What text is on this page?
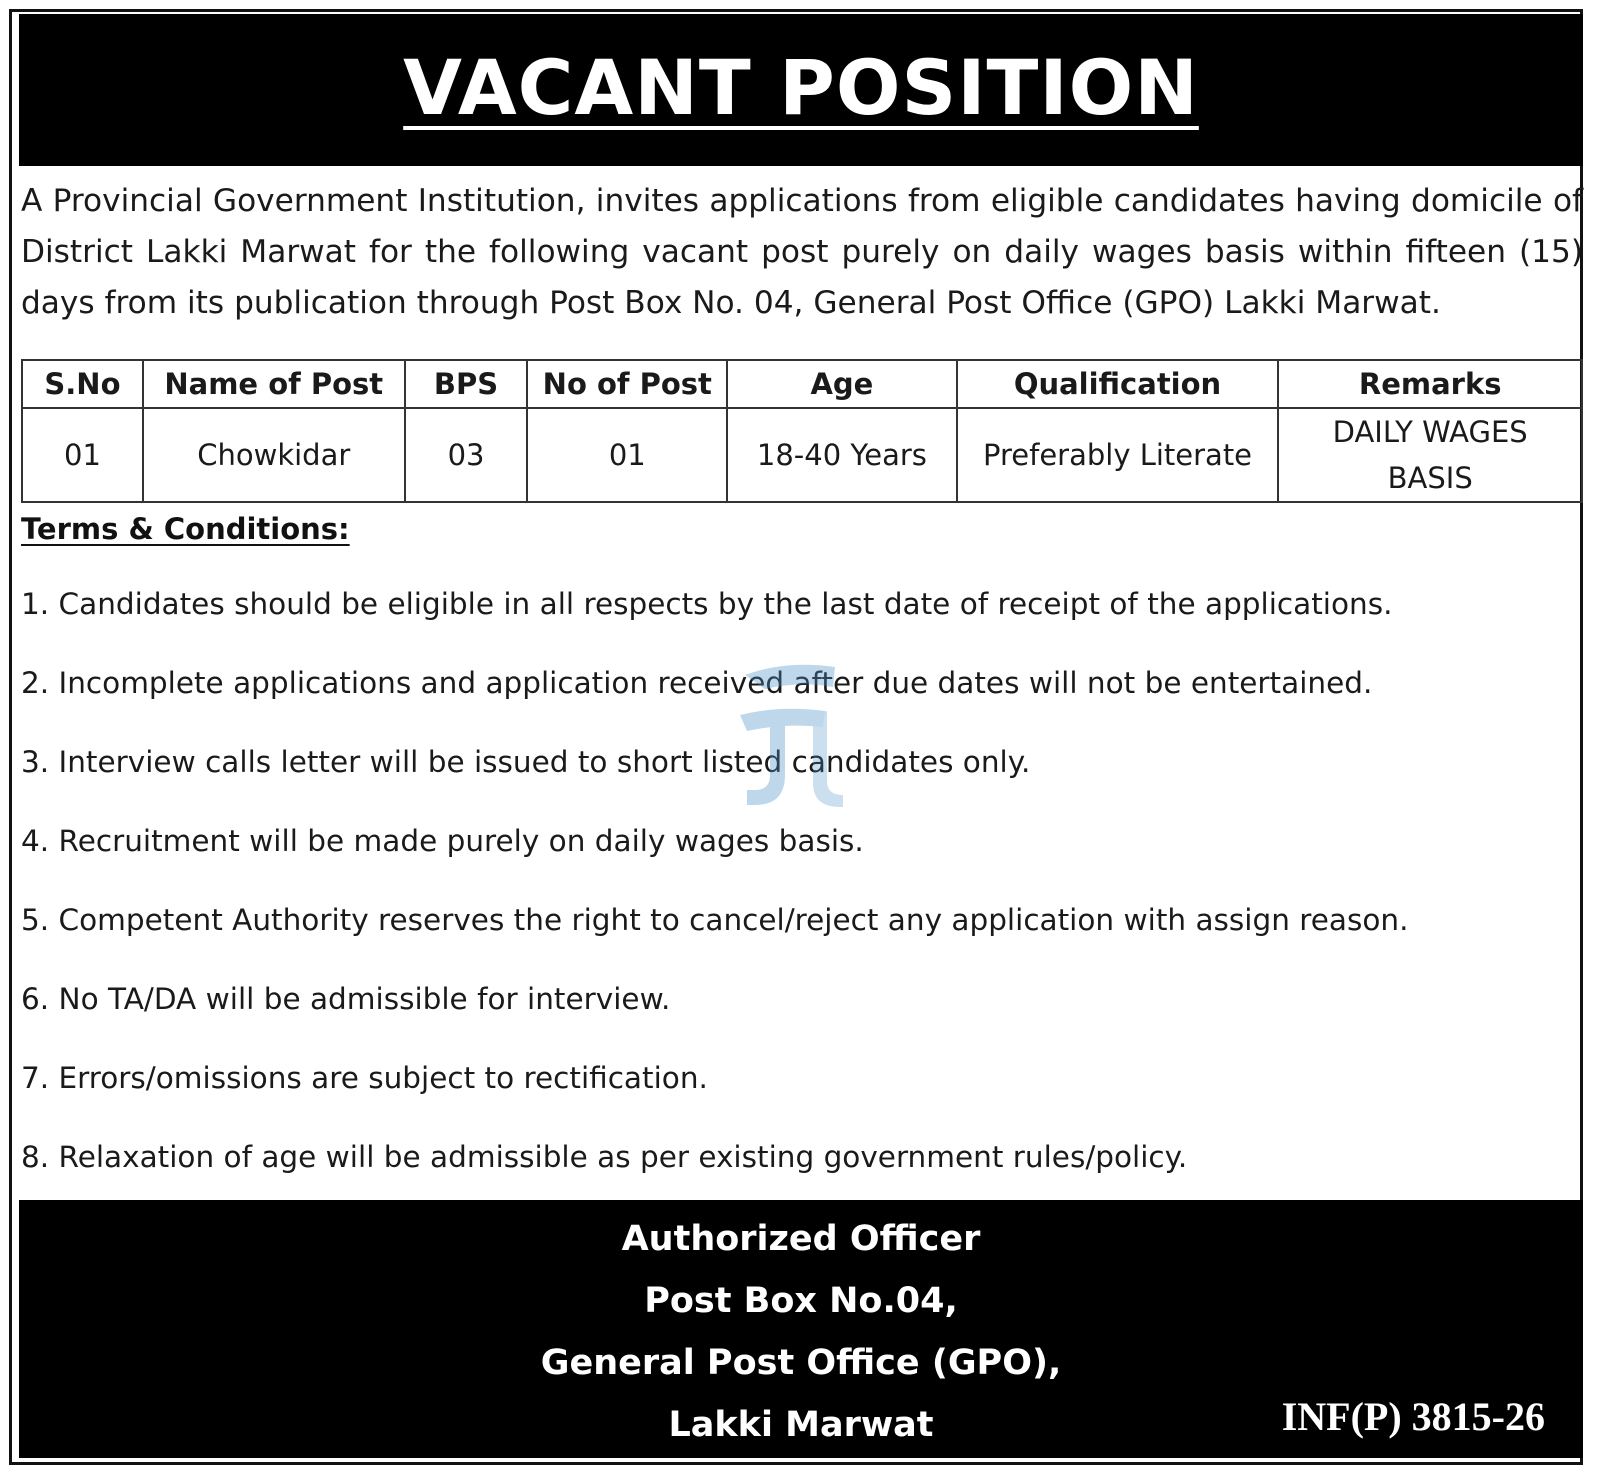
VACANT POSITION
A Provincial Government Institution, invites applications from eligible candidates having domicile of District Lakki Marwat for the following vacant post purely on daily wages basis within fifteen (15) days from its publication through Post Box No. 04, General Post Office (GPO) Lakki Marwat.
S.No	Name of Post	BPS	No of Post	Age	Qualification	Remarks
01	Chowkidar	03	01	18-40 Years	Preferably Literate	DAILY WAGES BASIS
Terms & Conditions:
1. Candidates should be eligible in all respects by the last date of receipt of the applications.
2. Incomplete applications and application received after due dates will not be entertained.
3. Interview calls letter will be issued to short listed candidates only.
4. Recruitment will be made purely on daily wages basis.
5. Competent Authority reserves the right to cancel/reject any application with assign reason.
6. No TA/DA will be admissible for interview.
7. Errors/omissions are subject to rectification.
8. Relaxation of age will be admissible as per existing government rules/policy.
Authorized Officer
Post Box No.04,
General Post Office (GPO),
Lakki Marwat	INF(P) 3815-26
